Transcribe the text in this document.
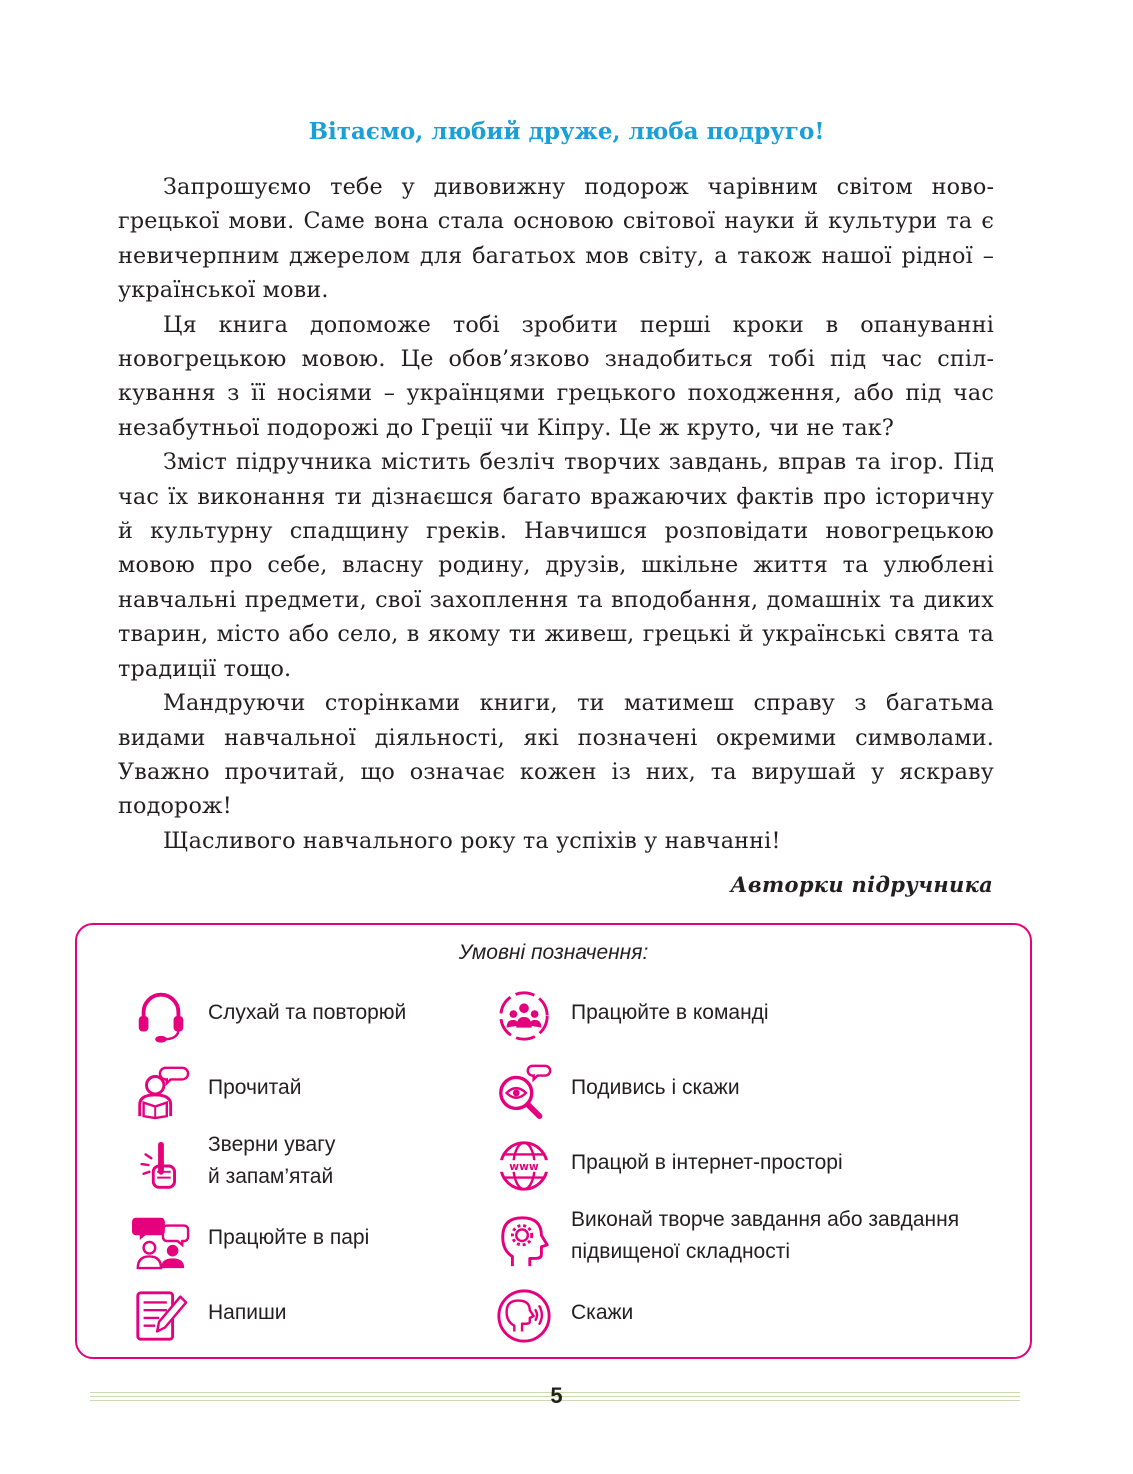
Вітаємо, любий друже, люба подруго!

Запрошуємо тебе у дивовижну подорож чарівним світом новогрецької мови. Саме вона стала основою світової науки й культури та є невичерпним джерелом для багатьох мов світу, а також нашої рідної – української мови.

Ця книга допоможе тобі зробити перші кроки в опануванні новогрецькою мовою. Це обов’язково знадобиться тобі під час спілкування з її носіями – українцями грецького походження, або під час незабутньої подорожі до Греції чи Кіпру. Це ж круто, чи не так?

Зміст підручника містить безліч творчих завдань, вправ та ігор. Під час їх виконання ти дізнаєшся багато вражаючих фактів про історичну й культурну спадщину греків. Навчишся розповідати новогрецькою мовою про себе, власну родину, друзів, шкільне життя та улюблені навчальні предмети, свої захоплення та вподобання, домашніх та диких тварин, місто або село, в якому ти живеш, грецькі й українські свята та традиції тощо.

Мандруючи сторінками книги, ти матимеш справу з багатьма видами навчальної діяльності, які позначені окремими символами. Уважно прочитай, що означає кожен із них, та вирушай у яскраву подорож!

Щасливого навчального року та успіхів у навчанні!

Авторки підручника
Умовні позначення:
Слухай та повторюй
Прочитай
Зверни увагу
й запам’ятай
Працюйте в парі
Напиши
Працюйте в команді
Подивись і скажи
www Працюй в інтернет-просторі
Виконай творче завдання або завдання
підвищеної складності
Скажи
5
